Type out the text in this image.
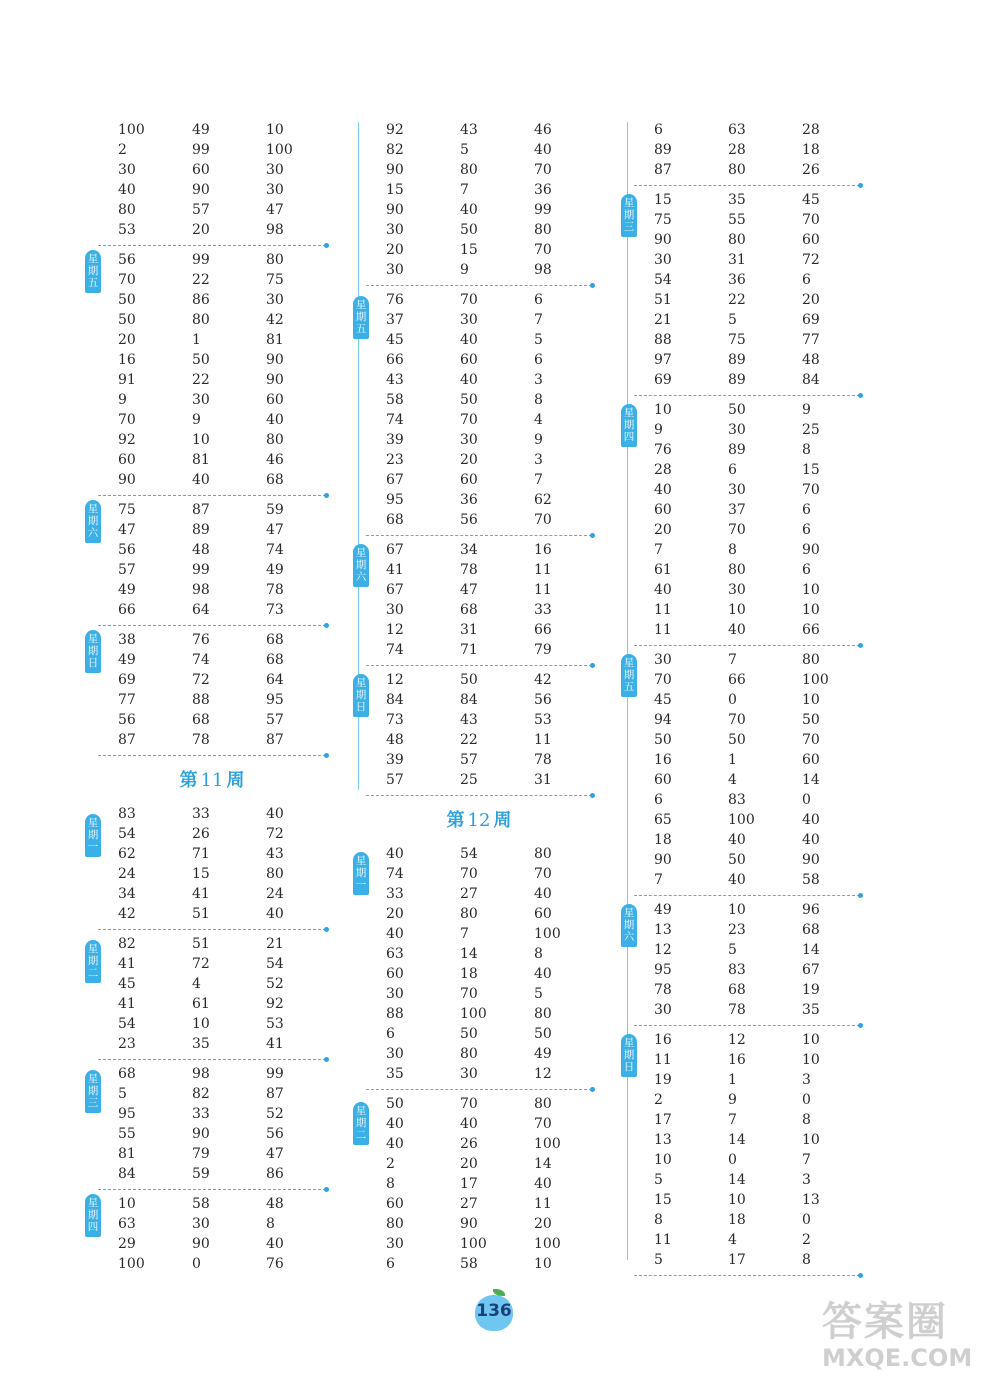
100	49	10
2	99	100
30	60	30
40	90	30
80	57	47
53	20	98
星
期
五
56	99	80
70	22	75
50	86	30
50	80	42
20	1	81
16	50	90
91	22	90
9	30	60
70	9	40
92	10	80
60	81	46
90	40	68
星
期
六
75	87	59
47	89	47
56	48	74
57	99	49
49	98	78
66	64	73
星
期
日
38	76	68
49	74	68
69	72	64
77	88	95
56	68	57
87	78	87
第 11 周
星
期
一
83	33	40
54	26	72
62	71	43
24	15	80
34	41	24
42	51	40
星
期
二
82	51	21
41	72	54
45	4	52
41	61	92
54	10	53
23	35	41
星
期
三
68	98	99
5	82	87
95	33	52
55	90	56
81	79	47
84	59	86
星
期
四
10	58	48
63	30	8
29	90	40
100	0	76
92	43	46
82	5	40
90	80	70
15	7	36
90	40	99
30	50	80
20	15	70
30	9	98
星
期
五
76	70	6
37	30	7
45	40	5
66	60	6
43	40	3
58	50	8
74	70	4
39	30	9
23	20	3
67	60	7
95	36	62
68	56	70
星
期
六
67	34	16
41	78	11
67	47	11
30	68	33
12	31	66
74	71	79
星
期
日
12	50	42
84	84	56
73	43	53
48	22	11
39	57	78
57	25	31
第 12 周
星
期
一
40	54	80
74	70	70
33	27	40
20	80	60
40	7	100
63	14	8
60	18	40
30	70	5
88	100	80
6	50	50
30	80	49
35	30	12
星
期
二
50	70	80
40	40	70
40	26	100
2	20	14
8	17	40
60	27	11
80	90	20
30	100	100
6	58	10
6	63	28
89	28	18
87	80	26
星
期
三
15	35	45
75	55	70
90	80	60
30	31	72
54	36	6
51	22	20
21	5	69
88	75	77
97	89	48
69	89	84
星
期
四
10	50	9
9	30	25
76	89	8
28	6	15
40	30	70
60	37	6
20	70	6
7	8	90
61	80	6
40	30	10
11	10	10
11	40	66
星
期
五
30	7	80
70	66	100
45	0	10
94	70	50
50	50	70
16	1	60
60	4	14
6	83	0
65	100	40
18	40	40
90	50	90
7	40	58
星
期
六
49	10	96
13	23	68
12	5	14
95	83	67
78	68	19
30	78	35
星
期
日
16	12	10
11	16	10
19	1	3
2	9	0
17	7	8
13	14	10
10	0	7
5	14	3
15	10	13
8	18	0
11	4	2
5	17	8
136	答案圈
MXQE.COM
